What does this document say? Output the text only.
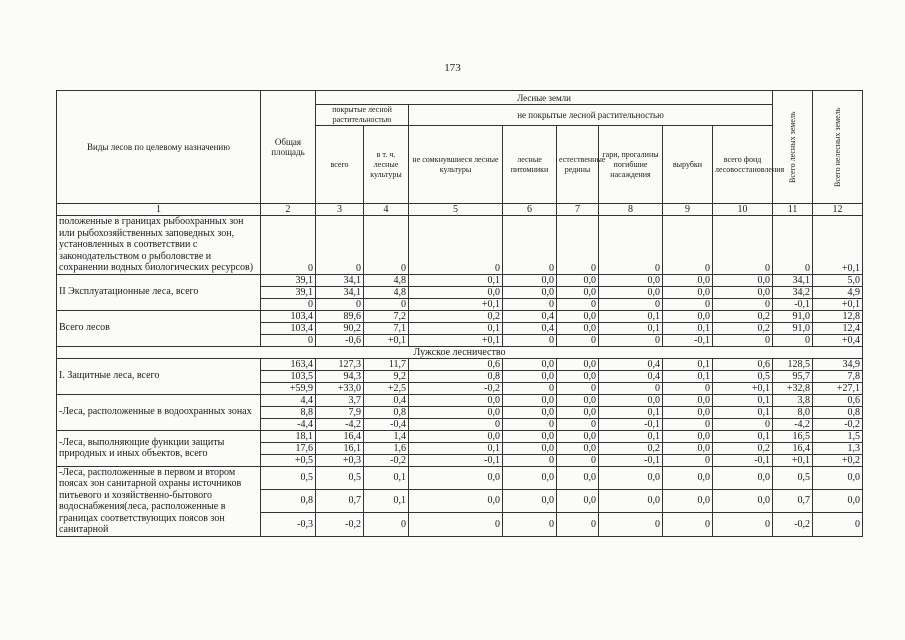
173
Виды лесов по целевому назначению	Общая площадь	Лесные земли								Всего лесных земель	Всего нелесных земель
		покрытые лесной растительностью		не покрытые лесной растительностью							
		всего	в т. ч. лесные культуры	не сомкнувшиеся лесные культуры	лесные питомники	естественные редины	гари, прогалины погибшие насаждения	вырубки	всего фонд лесовосстановления		
1	2	3	4	5	6	7	8	9	10	11	12
положенные в границах рыбоохранных зон или рыбохозяйственных заповедных зон, установленных в соответствии с законодательством о рыболовстве и сохранении водных биологических ресурсов)	0	0	0	0	0	0	0	0	0	0	+0,1
II Эксплуатационные леса, всего	39,1	34,1	4,8	0,1	0,0	0,0	0,0	0,0	0,0	34,1	5,0
	39,1	34,1	4,8	0,0	0,0	0,0	0,0	0,0	0,0	34,2	4,9
	0	0	0	+0,1	0	0	0	0	0	-0,1	+0,1
Всего лесов	103,4	89,6	7,2	0,2	0,4	0,0	0,1	0,0	0,2	91,0	12,8
	103,4	90,2	7,1	0,1	0,4	0,0	0,1	0,1	0,2	91,0	12,4
	0	-0,6	+0,1	+0,1	0	0	0	-0,1	0	0	+0,4
Лужское лесничество											
I. Защитные леса, всего	163,4	127,3	11,7	0,6	0,0	0,0	0,4	0,1	0,6	128,5	34,9
	103,5	94,3	9,2	0,8	0,0	0,0	0,4	0,1	0,5	95,7	7,8
	+59,9	+33,0	+2,5	-0,2	0	0	0	0	+0,1	+32,8	+27,1
-Леса, расположенные в водоохранных зонах	4,4	3,7	0,4	0,0	0,0	0,0	0,0	0,0	0,1	3,8	0,6
	8,8	7,9	0,8	0,0	0,0	0,0	0,1	0,0	0,1	8,0	0,8
	-4,4	-4,2	-0,4	0	0	0	-0,1	0	0	-4,2	-0,2
-Леса, выполняющие функции защиты природных и иных объектов, всего	18,1	16,4	1,4	0,0	0,0	0,0	0,1	0,0	0,1	16,5	1,5
	17,6	16,1	1,6	0,1	0,0	0,0	0,2	0,0	0,2	16,4	1,3
	+0,5	+0,3	-0,2	-0,1	0	0	-0,1	0	-0,1	+0,1	+0,2
-Леса, расположенные в первом и втором поясах зон санитарной охраны источников питьевого и хозяйственно-бытового водоснабжения(леса, расположенные в границах соответствующих поясов зон санитарной	0,5	0,5	0,1	0,0	0,0	0,0	0,0	0,0	0,0	0,5	0,0
	0,8	0,7	0,1	0,0	0,0	0,0	0,0	0,0	0,0	0,7	0,0
	-0,3	-0,2	0	0	0	0	0	0	0	-0,2	0
